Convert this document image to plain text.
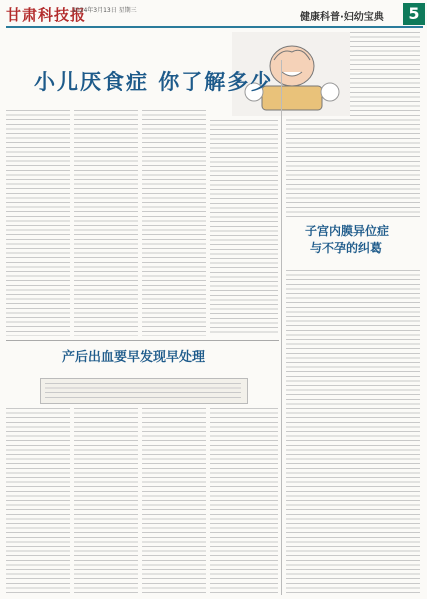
甘肃科技报
2024年3月13日 星期三
健康科普·妇幼宝典	5
小儿厌食症 你了解多少
产后出血要早发现早处理
子宫内膜异位症
与不孕的纠葛
